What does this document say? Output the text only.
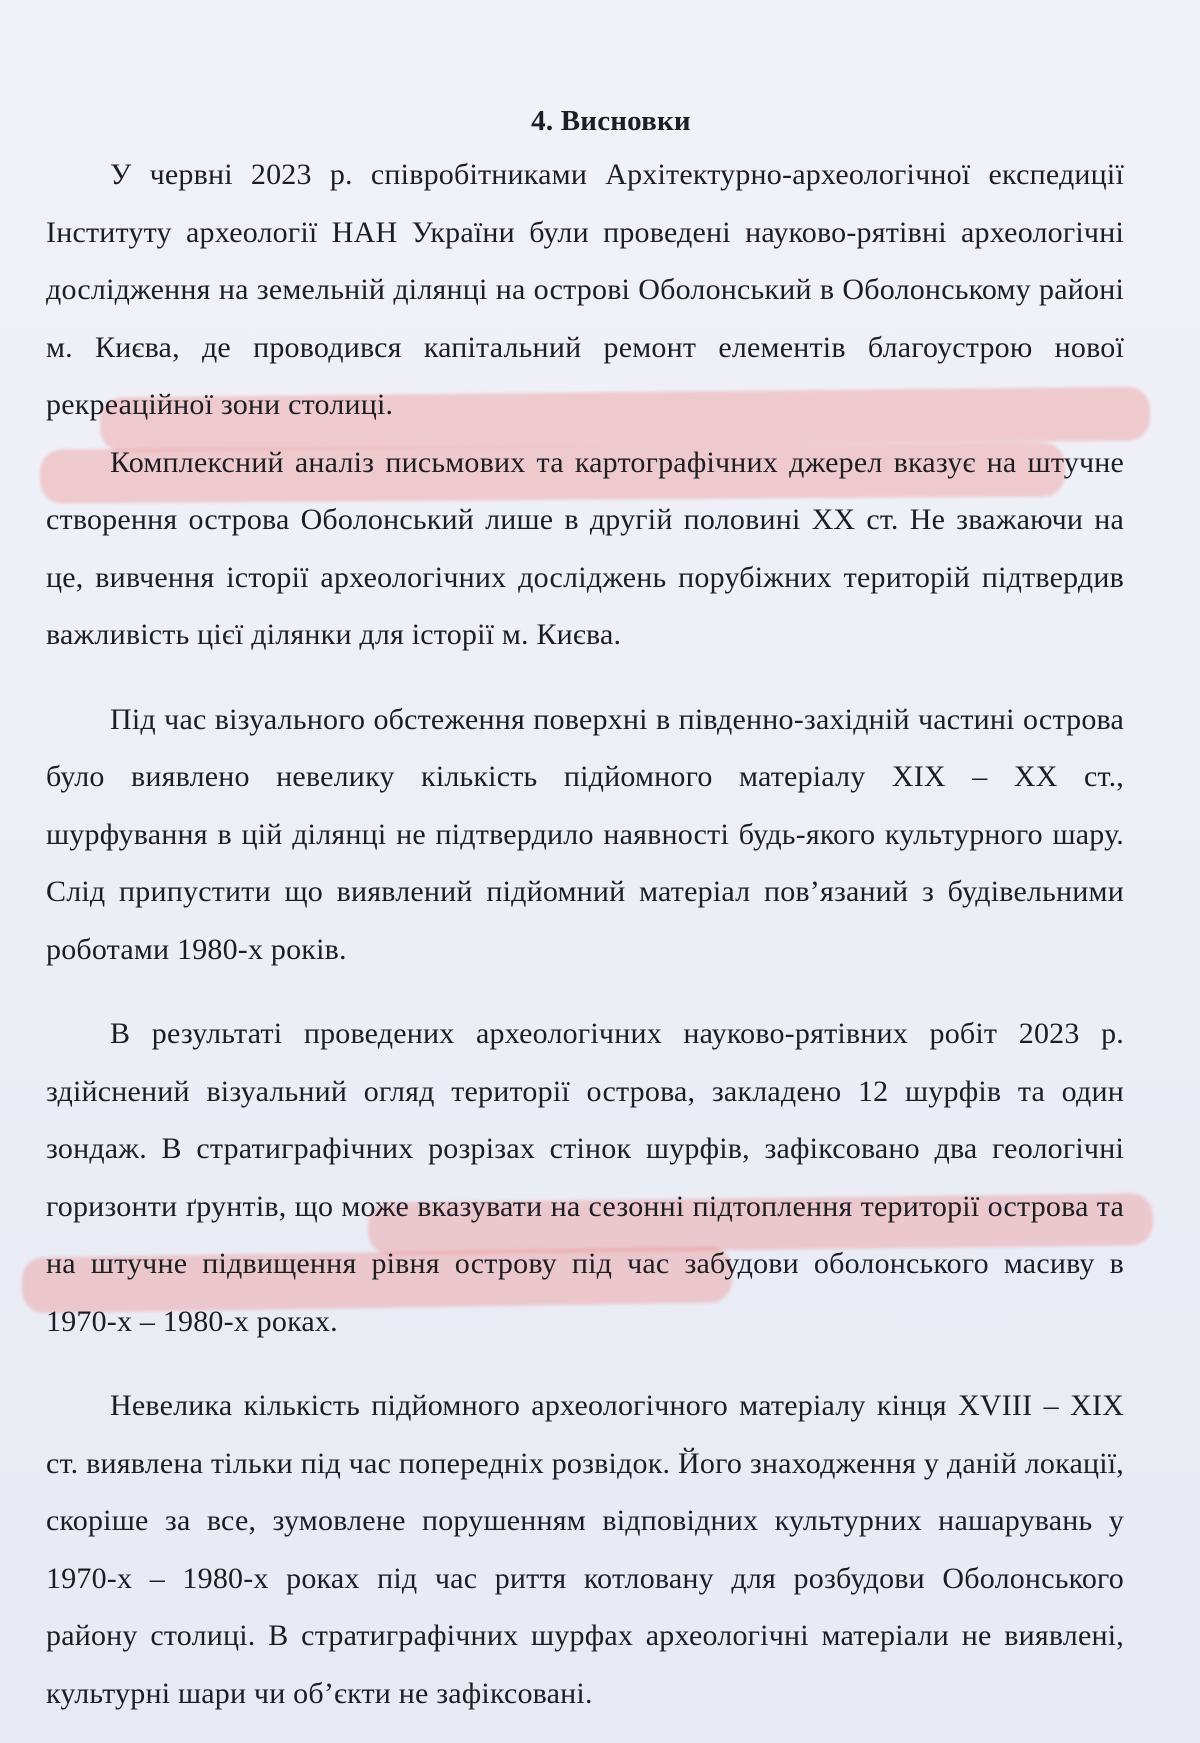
4. Висновки

У червні 2023 р. співробітниками Архітектурно-археологічної експедиції Інституту археології НАН України були проведені науково-рятівні археологічні дослідження на земельній ділянці на острові Оболонський в Оболонському районі м. Києва, де проводився капітальний ремонт елементів благоустрою нової рекреаційної зони столиці.

Комплексний аналіз письмових та картографічних джерел вказує на штучне створення острова Оболонський лише в другій половині XX ст. Не зважаючи на це, вивчення історії археологічних досліджень порубіжних територій підтвердив важливість цієї ділянки для історії м. Києва.

Під час візуального обстеження поверхні в південно-західній частині острова було виявлено невелику кількість підйомного матеріалу XIX – XX ст., шурфування в цій ділянці не підтвердило наявності будь-якого культурного шару. Слід припустити що виявлений підйомний матеріал пов’язаний з будівельними роботами 1980-х років.

В результаті проведених археологічних науково-рятівних робіт 2023 р. здійснений візуальний огляд території острова, закладено 12 шурфів та один зондаж. В стратиграфічних розрізах стінок шурфів, зафіксовано два геологічні горизонти ґрунтів, що може вказувати на сезонні підтоплення території острова та на штучне підвищення рівня острову під час забудови оболонського масиву в 1970-х – 1980-х роках.

Невелика кількість підйомного археологічного матеріалу кінця XVIII – XIX ст. виявлена тільки під час попередніх розвідок. Його знаходження у даній локації, скоріше за все, зумовлене порушенням відповідних культурних нашарувань у 1970-х – 1980-х роках під час риття котловану для розбудови Оболонського району столиці. В стратиграфічних шурфах археологічні матеріали не виявлені, культурні шари чи об’єкти не зафіксовані.
